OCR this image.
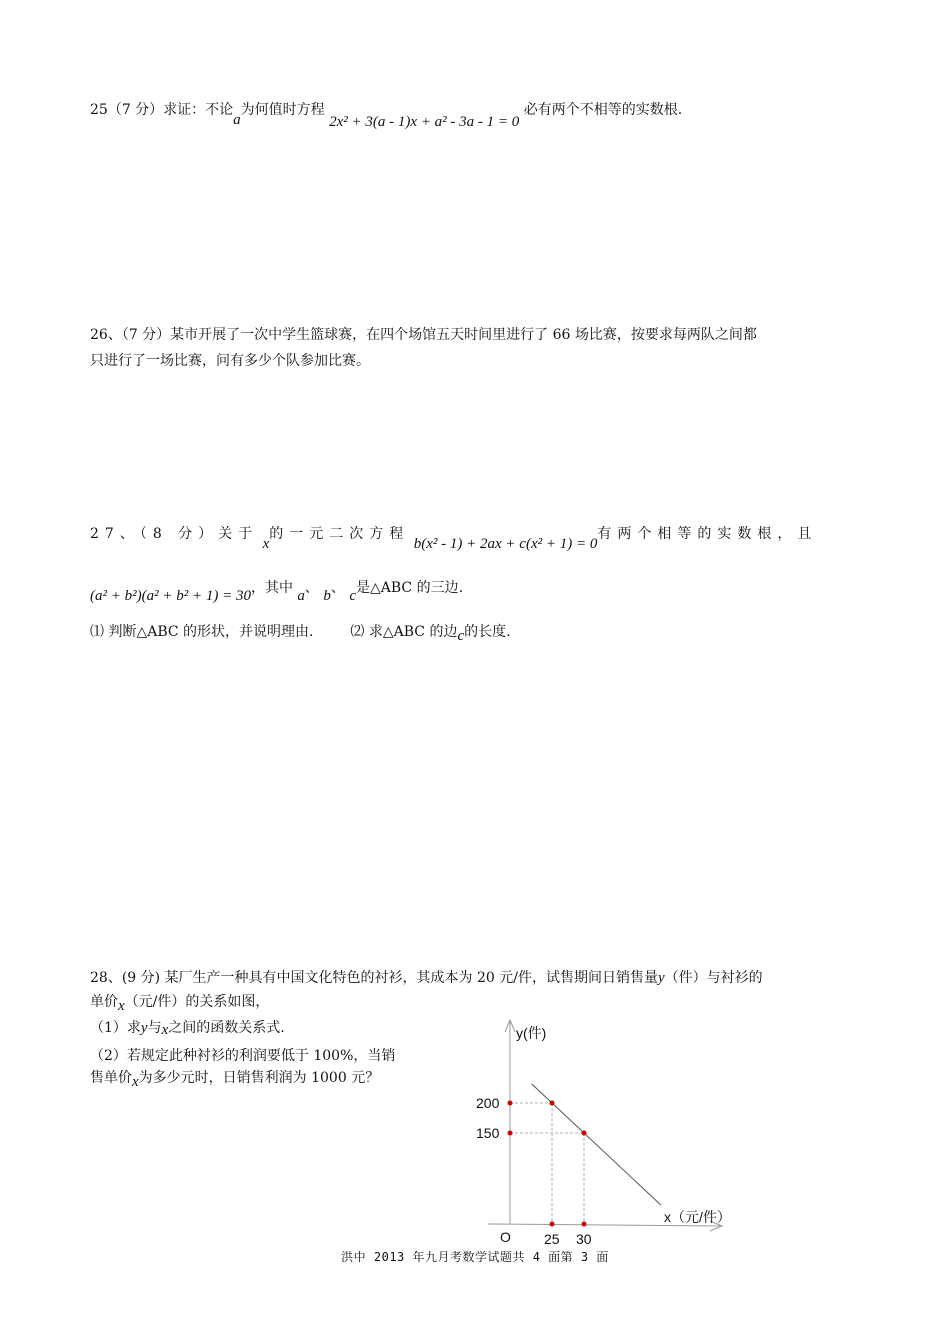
25（7 分）求证：不论a为何值时方程 2x² + 3(a - 1)x + a² - 3a - 1 = 0 必有两个不相等的实数根.
26、（7 分）某市开展了一次中学生篮球赛，在四个场馆五天时间里进行了 66 场比赛，按要求每两队之间都
只进行了一场比赛，问有多少个队参加比赛。
27、（8 分）关于 x的一元二次方程 b(x² - 1) + 2ax + c(x² + 1) = 0有两个相等的实数根，且
(a² + b²)(a² + b² + 1) = 30，其中 a、 b、 c是△ABC 的三边.
⑴ 判断△ABC 的形状，并说明理由.	⑵ 求△ABC 的边c的长度.
28、(9 分) 某厂生产一种具有中国文化特色的衬衫，其成本为 20 元/件，试售期间日销售量y（件）与衬衫的
单价x（元/件）的关系如图，
（1）求y与x之间的函数关系式.
（2）若规定此种衬衫的利润要低于 100%，当销
售单价x为多少元时，日销售利润为 1000 元？
y(件)
x（元/件）
O
200
150
25 30
洪中 2013 年九月考数学试题共 4 面第 3 面
